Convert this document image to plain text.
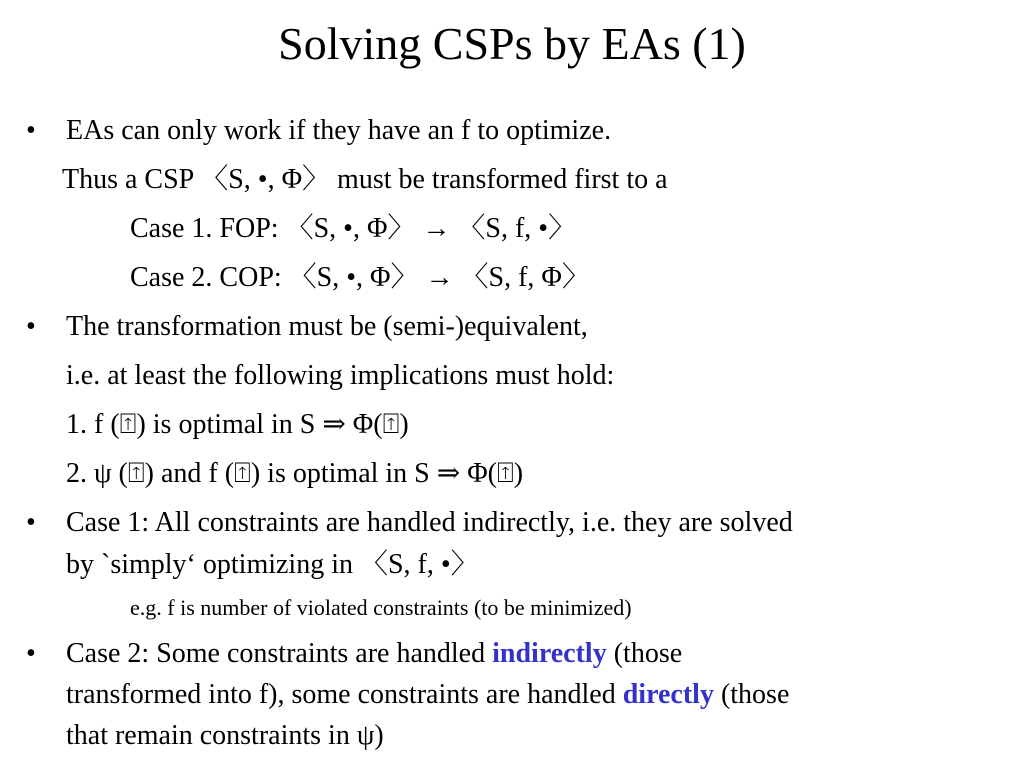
Solving CSPs by EAs (1)
• EAs can only work if they have an f to optimize.
Thus a CSP 〈S, •, Φ〉 must be transformed first to a
Case 1. FOP: 〈S, •, Φ〉 → 〈S, f, •〉
Case 2. COP: 〈S, •, Φ〉 → 〈S, f, Φ〉
• The transformation must be (semi-)equivalent,
i.e. at least the following implications must hold:
1. f (⍐) is optimal in S ⇒ Φ(⍐)
2. ψ (⍐) and f (⍐) is optimal in S ⇒ Φ(⍐)
• Case 1: All constraints are handled indirectly, i.e. they are solved
by `simply‘ optimizing in 〈S, f, •〉
e.g. f is number of violated constraints (to be minimized)
• Case 2: Some constraints are handled indirectly (those
transformed into f), some constraints are handled directly (those
that remain constraints in ψ)
